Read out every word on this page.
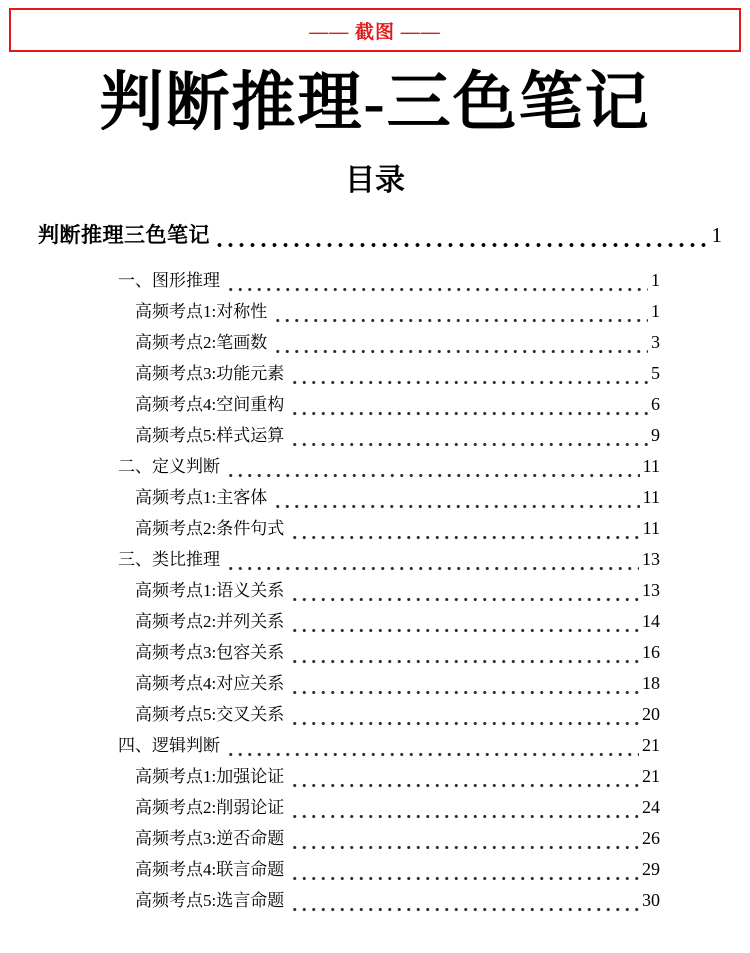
—— 截图 ——
判断推理-三色笔记
目录
判断推理三色笔记	1
一、图形推理	1
高频考点1:对称性	1
高频考点2:笔画数	3
高频考点3:功能元素	5
高频考点4:空间重构	6
高频考点5:样式运算	9
二、定义判断	11
高频考点1:主客体	11
高频考点2:条件句式	11
三、类比推理	13
高频考点1:语义关系	13
高频考点2:并列关系	14
高频考点3:包容关系	16
高频考点4:对应关系	18
高频考点5:交叉关系	20
四、逻辑判断	21
高频考点1:加强论证	21
高频考点2:削弱论证	24
高频考点3:逆否命题	26
高频考点4:联言命题	29
高频考点5:选言命题	30
